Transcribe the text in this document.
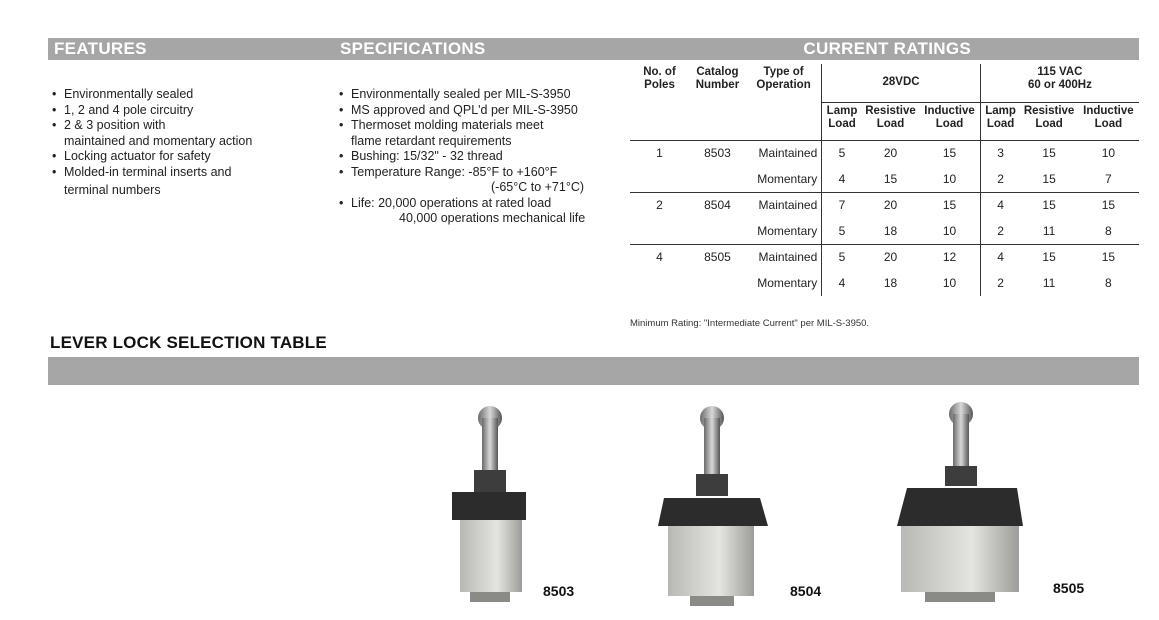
FEATURES	SPECIFICATIONS	CURRENT RATINGS
• Environmentally sealed
• 1, 2 and 4 pole circuitry
• 2 & 3 position with
maintained and momentary action
• Locking actuator for safety
• Molded-in terminal inserts and
terminal numbers
• Environmentally sealed per MIL-S-3950
• MS approved and QPL'd per MIL-S-3950
• Thermoset molding materials meet
flame retardant requirements
• Bushing: 15/32" - 32 thread
• Temperature Range: -85°F to +160°F
(-65°C to +71°C)
• Life: 20,000 operations at rated load
40,000 operations mechanical life
No. of Poles	Catalog Number	Type of Operation	28VDC			115 VAC
60 or 400Hz		
			Lamp Load	Resistive Load	Inductive Load	Lamp Load	Resistive Load	Inductive Load
1	8503	Maintained	5	20	15	3	15	10
		Momentary	4	15	10	2	15	7
2	8504	Maintained	7	20	15	4	15	15
		Momentary	5	18	10	2	11	8
4	8505	Maintained	5	20	12	4	15	15
		Momentary	4	18	10	2	11	8
Minimum Rating: "Intermediate Current" per MIL-S-3950.
LEVER LOCK SELECTION TABLE
8503	8504	8505
